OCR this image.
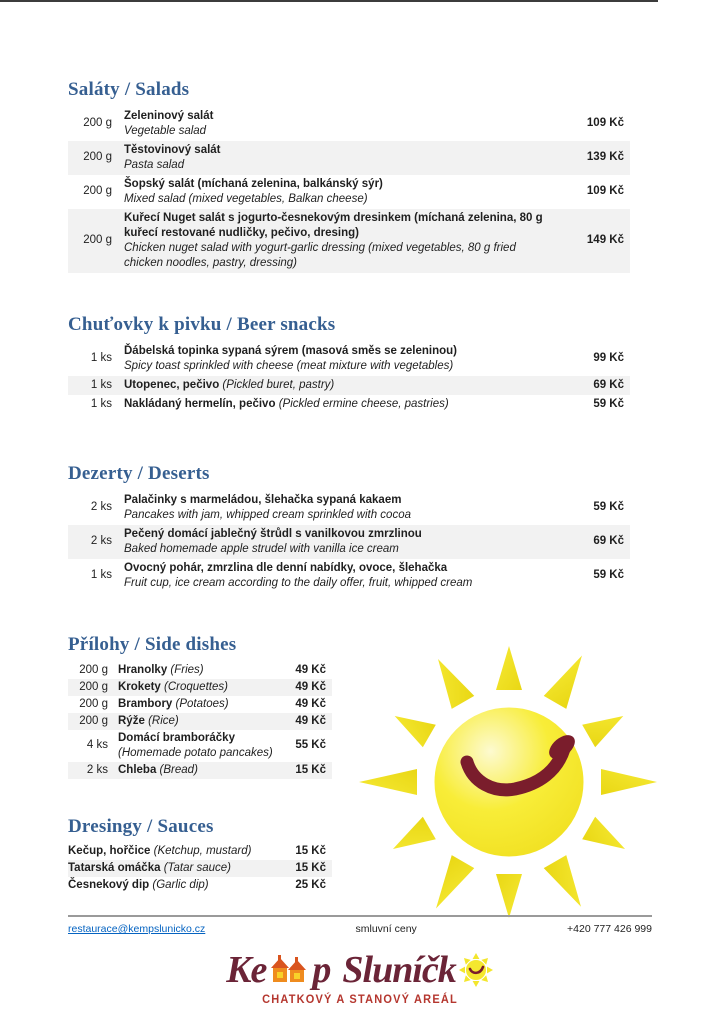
Saláty / Salads
200 g
Zeleninový salát
Vegetable salad
109 Kč
200 g
Těstovinový salát
Pasta salad
139 Kč
200 g
Šopský salát (míchaná zelenina, balkánský sýr)
Mixed salad (mixed vegetables, Balkan cheese)
109 Kč
200 g
Kuřecí Nuget salát s jogurto-česnekovým dresinkem (míchaná zelenina, 80 g kuřecí restované nudličky, pečivo, dresing)
Chicken nuget salad with yogurt-garlic dressing (mixed vegetables, 80 g fried chicken noodles, pastry, dressing)
149 Kč
Chuťovky k pivku / Beer snacks
1 ks
Ďábelská topinka sypaná sýrem (masová směs se zeleninou)
Spicy toast sprinkled with cheese (meat mixture with vegetables)
99 Kč
1 ks Utopenec, pečivo (Pickled buret, pastry)	69 Kč
1 ks Nakládaný hermelín, pečivo (Pickled ermine cheese, pastries)	59 Kč
Dezerty / Deserts
2 ks
Palačinky s marmeládou, šlehačka sypaná kakaem
Pancakes with jam, whipped cream sprinkled with cocoa
59 Kč
2 ks
Pečený domácí jablečný štrůdl s vanilkovou zmrzlinou
Baked homemade apple strudel with vanilla ice cream
69 Kč
1 ks
Ovocný pohár, zmrzlina dle denní nabídky, ovoce, šlehačka
Fruit cup, ice cream according to the daily offer, fruit, whipped cream
59 Kč
Přílohy / Side dishes
200 g Hranolky (Fries)	49 Kč
200 g Krokety (Croquettes)	49 Kč
200 g Brambory (Potatoes)	49 Kč
200 g Rýže (Rice)	49 Kč
4 ks
Domácí bramboráčky
(Homemade potato pancakes)
55 Kč
2 ks Chleba (Bread)	15 Kč
Dresingy / Sauces
Kečup, hořčice (Ketchup, mustard)	15 Kč
Tatarská omáčka (Tatar sauce)	15 Kč
Česnekový dip (Garlic dip)	25 Kč
restaurace@kempslunicko.cz	smluvní ceny	+420 777 426 999
Ke p Sluníčk
CHATKOVÝ A STANOVÝ AREÁL
